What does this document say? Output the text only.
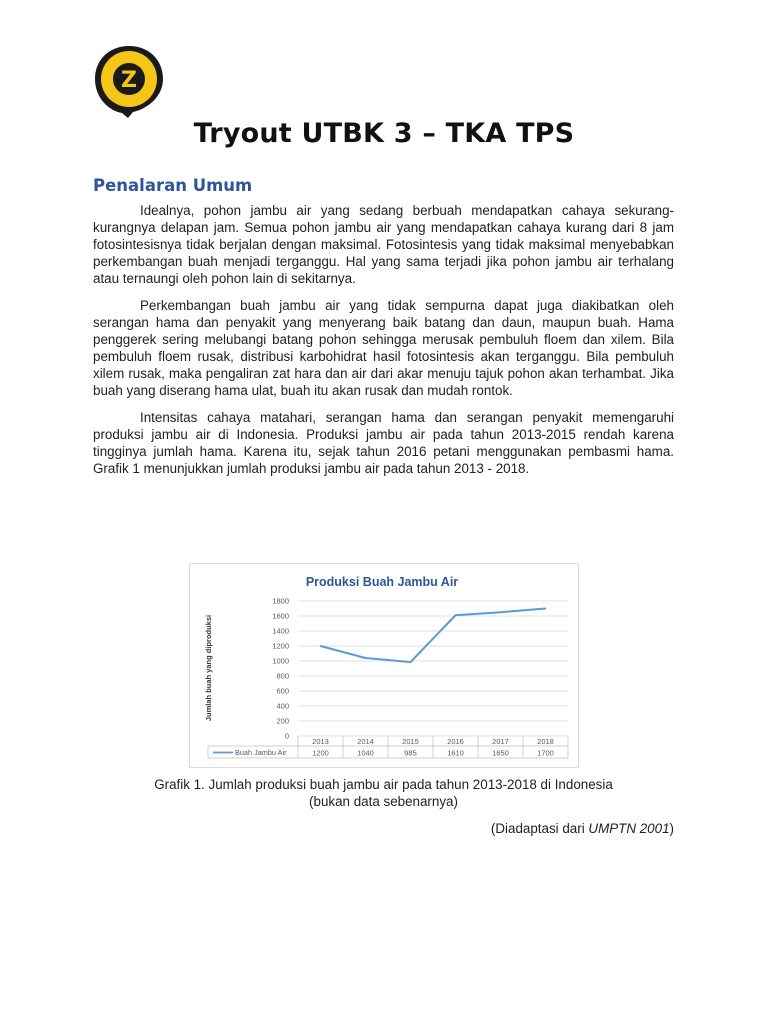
Z
Tryout UTBK 3 – TKA TPS
Penalaran Umum

Idealnya, pohon jambu air yang sedang berbuah mendapatkan cahaya sekurang-kurangnya delapan jam. Semua pohon jambu air yang mendapatkan cahaya kurang dari 8 jam fotosintesisnya tidak berjalan dengan maksimal. Fotosintesis yang tidak maksimal menyebabkan perkembangan buah menjadi terganggu. Hal yang sama terjadi jika pohon jambu air terhalang atau ternaungi oleh pohon lain di sekitarnya.

Perkembangan buah jambu air yang tidak sempurna dapat juga diakibatkan oleh serangan hama dan penyakit yang menyerang baik batang dan daun, maupun buah. Hama penggerek sering melubangi batang pohon sehingga merusak pembuluh floem dan xilem. Bila pembuluh floem rusak, distribusi karbohidrat hasil fotosintesis akan terganggu. Bila pembuluh xilem rusak, maka pengaliran zat hara dan air dari akar menuju tajuk pohon akan terhambat. Jika buah yang diserang hama ulat, buah itu akan rusak dan mudah rontok.

Intensitas cahaya matahari, serangan hama dan serangan penyakit memengaruhi produksi jambu air di Indonesia. Produksi jambu air pada tahun 2013-2015 rendah karena tingginya jumlah hama. Karena itu, sejak tahun 2016 petani menggunakan pembasmi hama. Grafik 1 menunjukkan jumlah produksi jambu air pada tahun 2013 - 2018.

Produksi Buah Jambu Air
Jumlah buah yang diproduksi
0
200
400
600
800
1000
1200
1400
1600
1800
2013	2014	2015	2016	2017	2018
Buah Jambu Air	1200	1040	985	1610	1650	1700
Grafik 1. Jumlah produksi buah jambu air pada tahun 2013-2018 di Indonesia
(bukan data sebenarnya)
(Diadaptasi dari UMPTN 2001)
